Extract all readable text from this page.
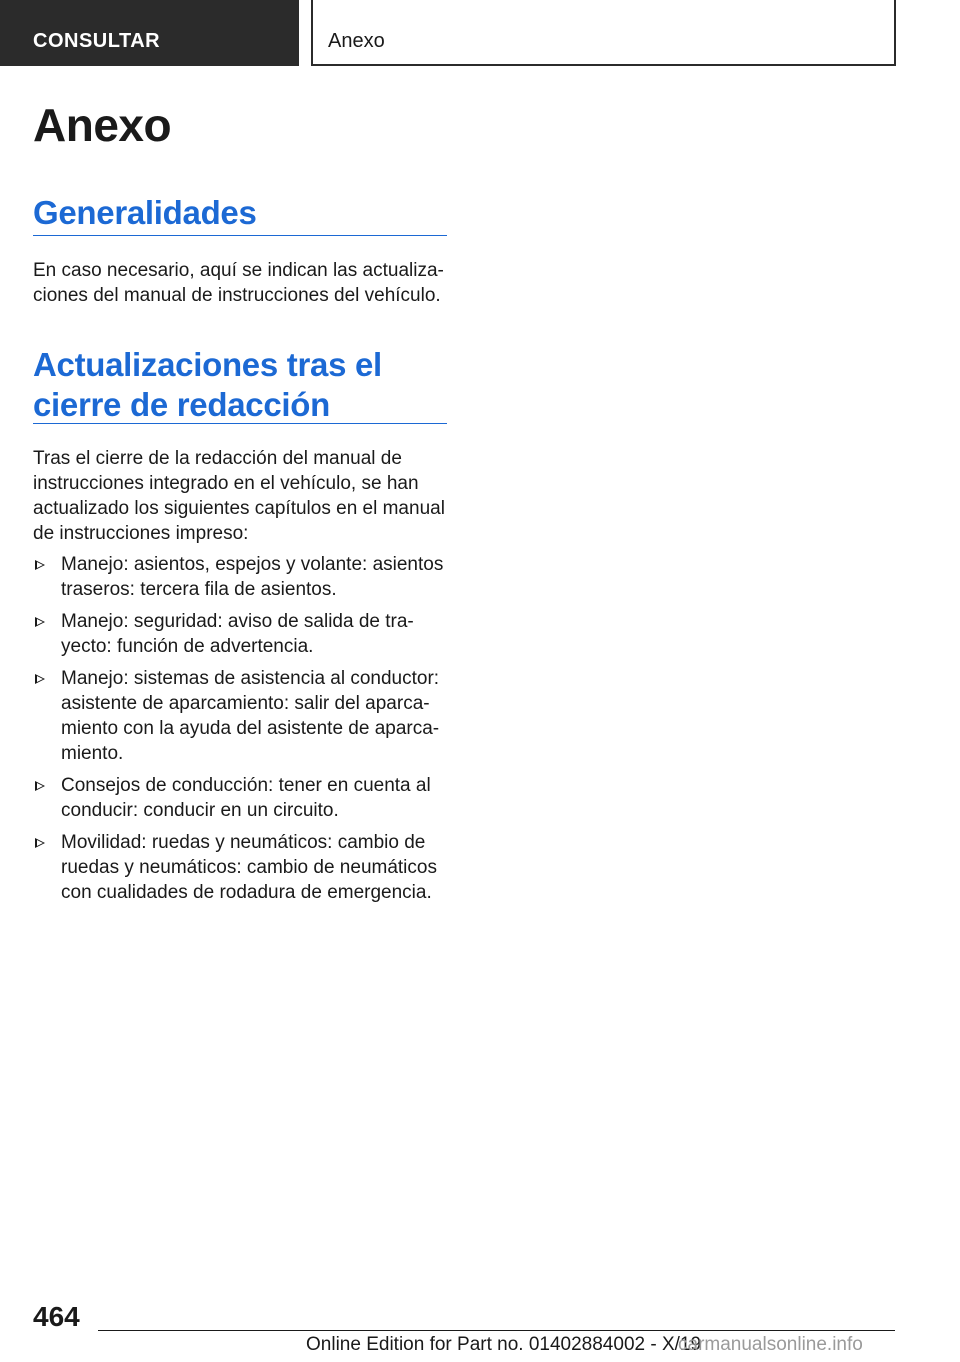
CONSULTAR	Anexo
Anexo
Generalidades

En caso necesario, aquí se indican las actualiza-ciones del manual de instrucciones del vehículo.

Actualizaciones tras el cierre de redacción

Tras el cierre de la redacción del manual de instrucciones integrado en el vehículo, se han actualizado los siguientes capítulos en el manual de instrucciones impreso:

Manejo: asientos, espejos y volante: asientos traseros: tercera fila de asientos.
Manejo: seguridad: aviso de salida de tra-yecto: función de advertencia.
Manejo: sistemas de asistencia al conductor: asistente de aparcamiento: salir del aparca-miento con la ayuda del asistente de aparca-miento.
Consejos de conducción: tener en cuenta al conducir: conducir en un circuito.
Movilidad: ruedas y neumáticos: cambio de ruedas y neumáticos: cambio de neumáticos con cualidades de rodadura de emergencia.
464
Online Edition for Part no. 01402884002 - X/19
carmanualsonline.info
